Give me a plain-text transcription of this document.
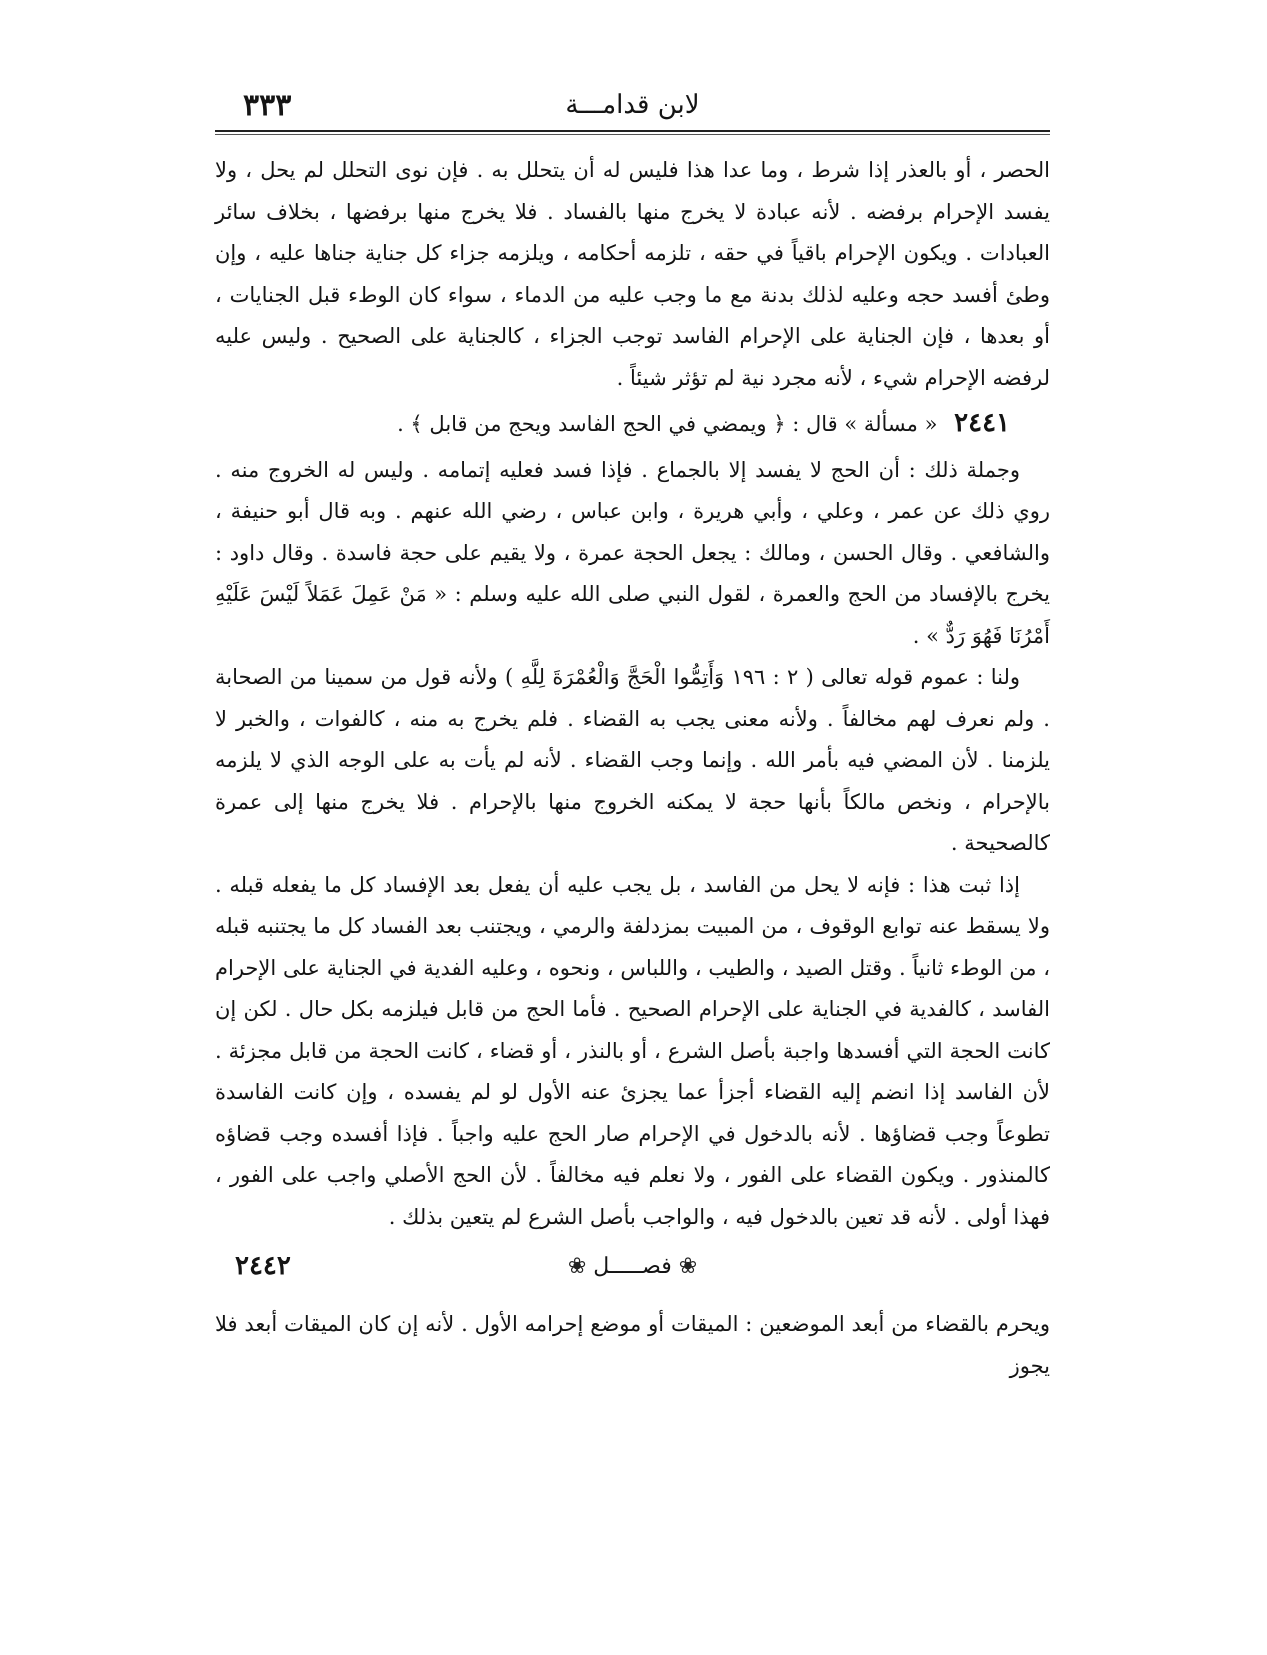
٣٣٣	لابن قدامـــة

الحصر ، أو بالعذر إذا شرط ، وما عدا هذا فليس له أن يتحلل به . فإن نوى التحلل لم يحل ، ولا يفسد الإحرام برفضه . لأنه عبادة لا يخرج منها بالفساد . فلا يخرج منها برفضها ، بخلاف سائر العبادات . ويكون الإحرام باقياً في حقه ، تلزمه أحكامه ، ويلزمه جزاء كل جناية جناها عليه ، وإن وطئ أفسد حجه وعليه لذلك بدنة مع ما وجب عليه من الدماء ، سواء كان الوطء قبل الجنايات ، أو بعدها ، فإن الجناية على الإحرام الفاسد توجب الجزاء ، كالجناية على الصحيح . وليس عليه لرفضه الإحرام شيء ، لأنه مجرد نية لم تؤثر شيئاً .

٢٤٤١ « مسألة » قال : ﴿ ويمضي في الحج الفاسد ويحج من قابل ﴾ .

وجملة ذلك : أن الحج لا يفسد إلا بالجماع . فإذا فسد فعليه إتمامه . وليس له الخروج منه . روي ذلك عن عمر ، وعلي ، وأبي هريرة ، وابن عباس ، رضي الله عنهم . وبه قال أبو حنيفة ، والشافعي . وقال الحسن ، ومالك : يجعل الحجة عمرة ، ولا يقيم على حجة فاسدة . وقال داود : يخرج بالإفساد من الحج والعمرة ، لقول النبي صلى الله عليه وسلم : « مَنْ عَمِلَ عَمَلاً لَيْسَ عَلَيْهِ أَمْرُنَا فَهُوَ رَدٌّ » .

ولنا : عموم قوله تعالى ( ٢ : ١٩٦ وَأَتِمُّوا الْحَجَّ وَالْعُمْرَةَ لِلَّهِ ) ولأنه قول من سمينا من الصحابة . ولم نعرف لهم مخالفاً . ولأنه معنى يجب به القضاء . فلم يخرج به منه ، كالفوات ، والخبر لا يلزمنا . لأن المضي فيه بأمر الله . وإنما وجب القضاء . لأنه لم يأت به على الوجه الذي لا يلزمه بالإحرام ، ونخص مالكاً بأنها حجة لا يمكنه الخروج منها بالإحرام . فلا يخرج منها إلى عمرة كالصحيحة .

إذا ثبت هذا : فإنه لا يحل من الفاسد ، بل يجب عليه أن يفعل بعد الإفساد كل ما يفعله قبله . ولا يسقط عنه توابع الوقوف ، من المبيت بمزدلفة والرمي ، ويجتنب بعد الفساد كل ما يجتنبه قبله ، من الوطء ثانياً . وقتل الصيد ، والطيب ، واللباس ، ونحوه ، وعليه الفدية في الجناية على الإحرام الفاسد ، كالفدية في الجناية على الإحرام الصحيح . فأما الحج من قابل فيلزمه بكل حال . لكن إن كانت الحجة التي أفسدها واجبة بأصل الشرع ، أو بالنذر ، أو قضاء ، كانت الحجة من قابل مجزئة . لأن الفاسد إذا انضم إليه القضاء أجزأ عما يجزئ عنه الأول لو لم يفسده ، وإن كانت الفاسدة تطوعاً وجب قضاؤها . لأنه بالدخول في الإحرام صار الحج عليه واجباً . فإذا أفسده وجب قضاؤه كالمنذور . ويكون القضاء على الفور ، ولا نعلم فيه مخالفاً . لأن الحج الأصلي واجب على الفور ، فهذا أولى . لأنه قد تعين بالدخول فيه ، والواجب بأصل الشرع لم يتعين بذلك .

٢٤٤٢	❀ فصـــــل ❀

ويحرم بالقضاء من أبعد الموضعين : الميقات أو موضع إحرامه الأول . لأنه إن كان الميقات أبعد فلا يجوز
